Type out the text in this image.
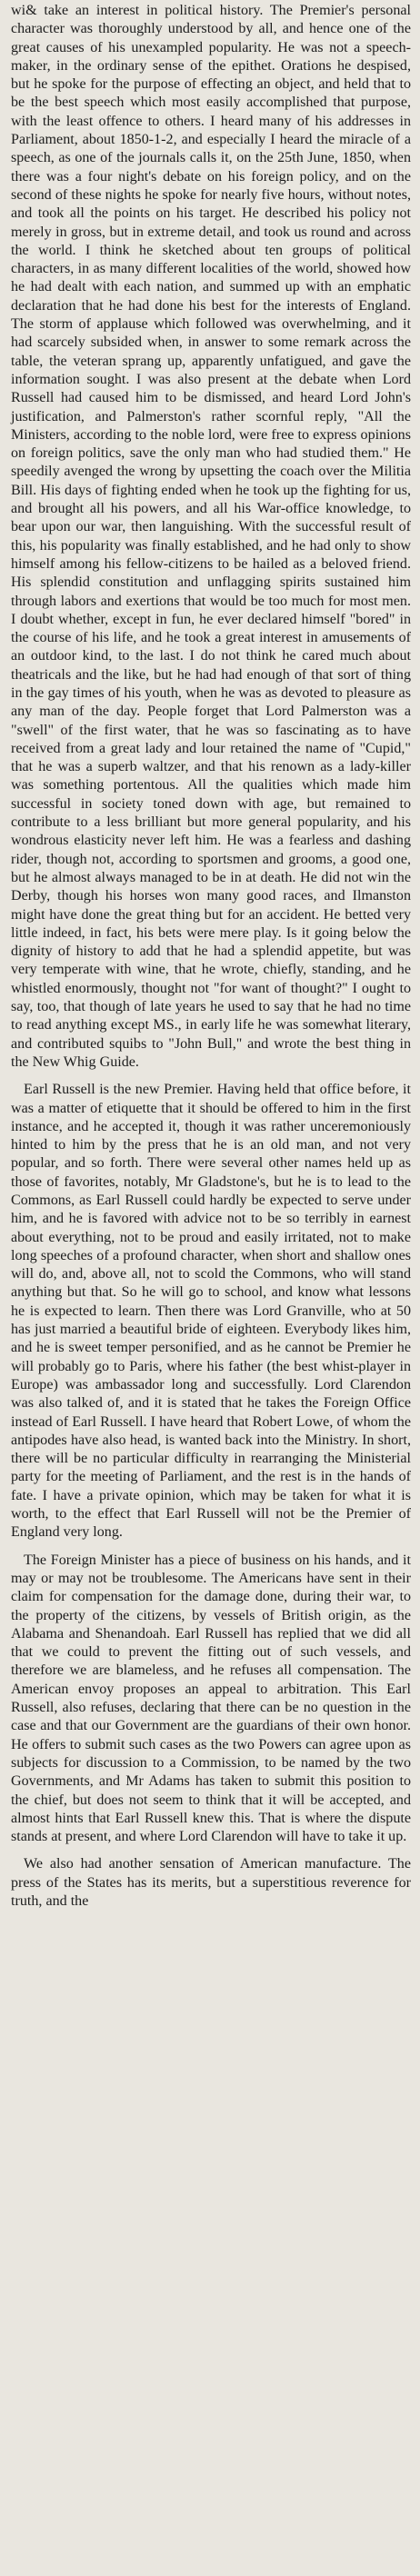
wi& take an interest in political history. The Premier's personal character was thoroughly understood by all, and hence one of the great causes of his unexampled popularity. He was not a speech-maker, in the ordinary sense of the epithet. Orations he despised, but he spoke for the purpose of effecting an object, and held that to be the best speech which most easily accomplished that purpose, with the least offence to others. I heard many of his addresses in Parliament, about 1850-1-2, and especially I heard the miracle of a speech, as one of the journals calls it, on the 25th June, 1850, when there was a four night's debate on his foreign policy, and on the second of these nights he spoke for nearly five hours, without notes, and took all the points on his target. He described his policy not merely in gross, but in extreme detail, and took us round and across the world. I think he sketched about ten groups of political characters, in as many different localities of the world, showed how he had dealt with each nation, and summed up with an emphatic declaration that he had done his best for the interests of England. The storm of applause which followed was overwhelming, and it had scarcely subsided when, in answer to some remark across the table, the veteran sprang up, apparently unfatigued, and gave the information sought. I was also present at the debate when Lord Russell had caused him to be dismissed, and heard Lord John's justification, and Palmerston's rather scornful reply, "All the Ministers, according to the noble lord, were free to express opinions on foreign politics, save the only man who had studied them." He speedily avenged the wrong by upsetting the coach over the Militia Bill. His days of fighting ended when he took up the fighting for us, and brought all his powers, and all his War-office knowledge, to bear upon our war, then languishing. With the successful result of this, his popularity was finally established, and he had only to show himself among his fellow-citizens to be hailed as a beloved friend. His splendid constitution and unflagging spirits sustained him through labors and exertions that would be too much for most men. I doubt whether, except in fun, he ever declared himself "bored" in the course of his life, and he took a great interest in amusements of an outdoor kind, to the last. I do not think he cared much about theatricals and the like, but he had had enough of that sort of thing in the gay times of his youth, when he was as devoted to pleasure as any man of the day. People forget that Lord Palmerston was a "swell" of the first water, that he was so fascinating as to have received from a great lady and lour retained the name of "Cupid," that he was a superb waltzer, and that his renown as a lady-killer was something portentous. All the qualities which made him successful in society toned down with age, but remained to contribute to a less brilliant but more general popularity, and his wondrous elasticity never left him. He was a fearless and dashing rider, though not, according to sportsmen and grooms, a good one, but he almost always managed to be in at death. He did not win the Derby, though his horses won many good races, and Ilmanston might have done the great thing but for an accident. He betted very little indeed, in fact, his bets were mere play. Is it going below the dignity of history to add that he had a splendid appetite, but was very temperate with wine, that he wrote, chiefly, standing, and he whistled enormously, thought not "for want of thought?" I ought to say, too, that though of late years he used to say that he had no time to read anything except MS., in early life he was somewhat literary, and contributed squibs to "John Bull," and wrote the best thing in the New Whig Guide.

Earl Russell is the new Premier. Having held that office before, it was a matter of etiquette that it should be offered to him in the first instance, and he accepted it, though it was rather unceremoniously hinted to him by the press that he is an old man, and not very popular, and so forth. There were several other names held up as those of favorites, notably, Mr Gladstone's, but he is to lead to the Commons, as Earl Russell could hardly be expected to serve under him, and he is favored with advice not to be so terribly in earnest about everything, not to be proud and easily irritated, not to make long speeches of a profound character, when short and shallow ones will do, and, above all, not to scold the Commons, who will stand anything but that. So he will go to school, and know what lessons he is expected to learn. Then there was Lord Granville, who at 50 has just married a beautiful bride of eighteen. Everybody likes him, and he is sweet temper personified, and as he cannot be Premier he will probably go to Paris, where his father (the best whist-player in Europe) was ambassador long and successfully. Lord Clarendon was also talked of, and it is stated that he takes the Foreign Office instead of Earl Russell. I have heard that Robert Lowe, of whom the antipodes have also head, is wanted back into the Ministry. In short, there will be no particular difficulty in rearranging the Ministerial party for the meeting of Parliament, and the rest is in the hands of fate. I have a private opinion, which may be taken for what it is worth, to the effect that Earl Russell will not be the Premier of England very long.

The Foreign Minister has a piece of business on his hands, and it may or may not be troublesome. The Americans have sent in their claim for compensation for the damage done, during their war, to the property of the citizens, by vessels of British origin, as the Alabama and Shenandoah. Earl Russell has replied that we did all that we could to prevent the fitting out of such vessels, and therefore we are blameless, and he refuses all compensation. The American envoy proposes an appeal to arbitration. This Earl Russell, also refuses, declaring that there can be no question in the case and that our Government are the guardians of their own honor. He offers to submit such cases as the two Powers can agree upon as subjects for discussion to a Commission, to be named by the two Governments, and Mr Adams has taken to submit this position to the chief, but does not seem to think that it will be accepted, and almost hints that Earl Russell knew this. That is where the dispute stands at present, and where Lord Clarendon will have to take it up.

We also had another sensation of American manufacture. The press of the States has its merits, but a superstitious reverence for truth, and the
